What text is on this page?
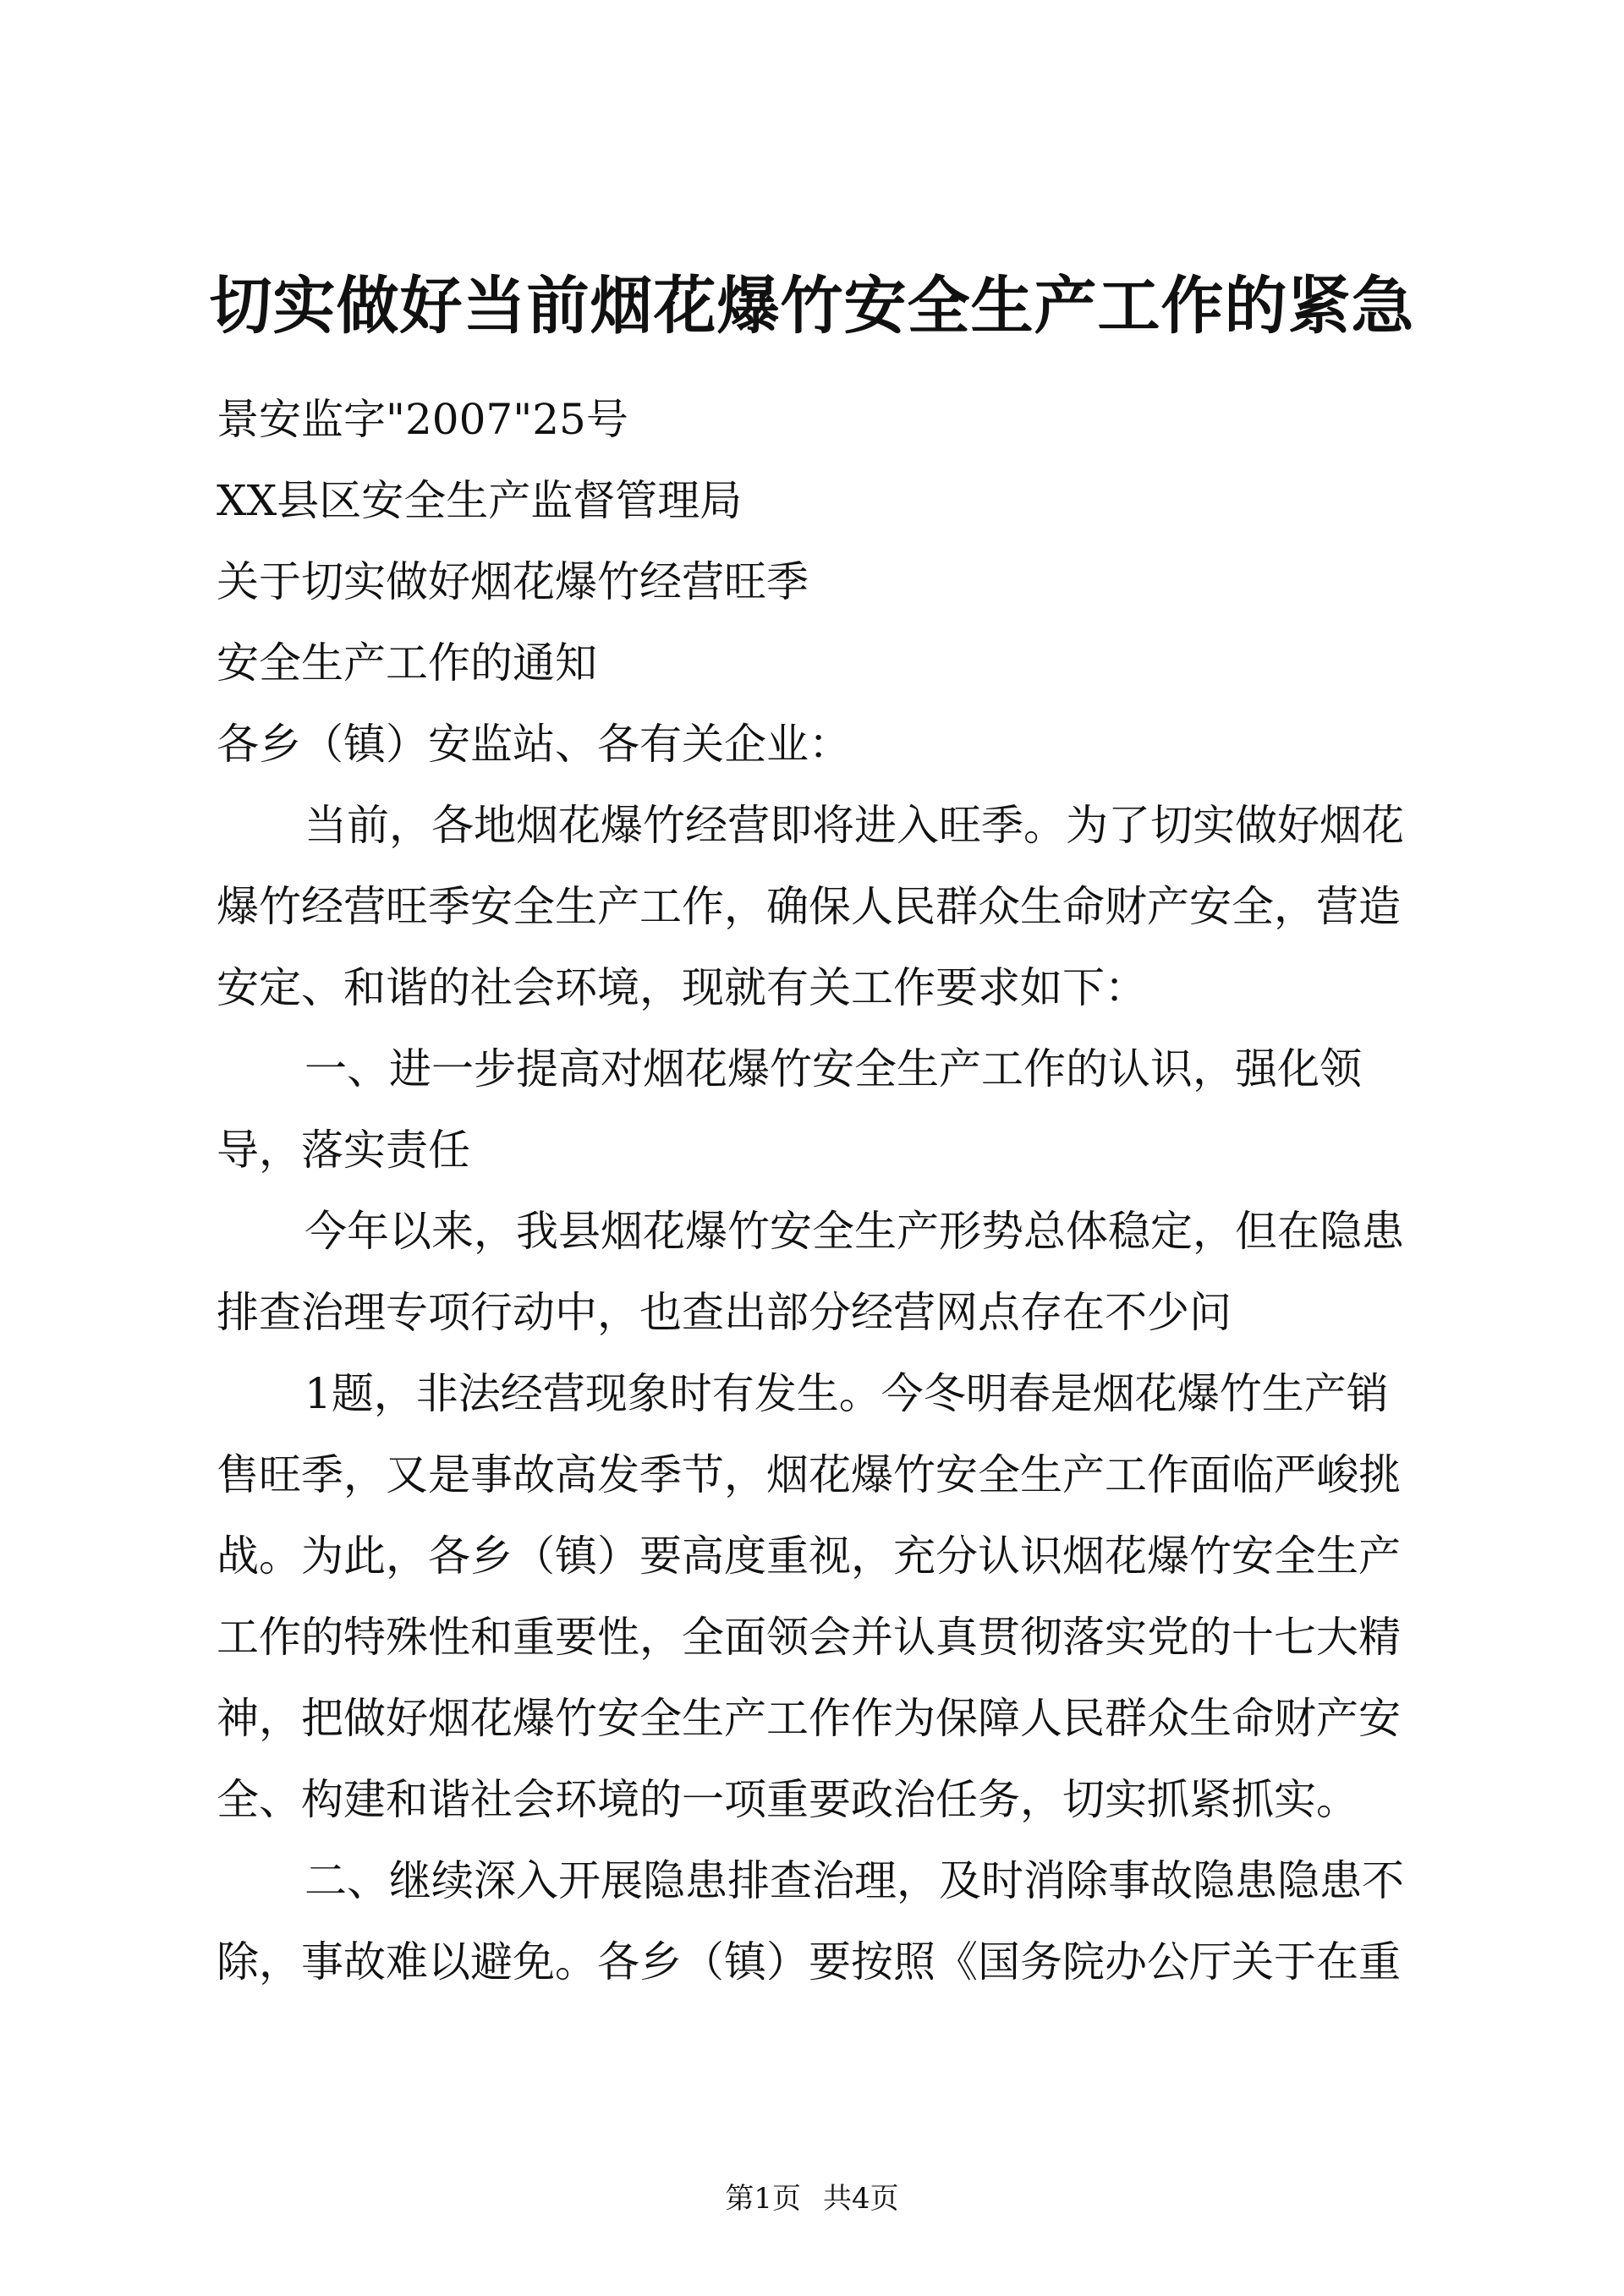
切实做好当前烟花爆竹安全生产工作的紧急

景安监字"2007"25号

XX县区安全生产监督管理局

关于切实做好烟花爆竹经营旺季

安全生产工作的通知

各乡（镇）安监站、各有关企业：

当前，各地烟花爆竹经营即将进入旺季。为了切实做好烟花爆竹经营旺季安全生产工作，确保人民群众生命财产安全，营造安定、和谐的社会环境，现就有关工作要求如下：

一、进一步提高对烟花爆竹安全生产工作的认识，强化领导，落实责任

今年以来，我县烟花爆竹安全生产形势总体稳定，但在隐患排查治理专项行动中，也查出部分经营网点存在不少问

1题，非法经营现象时有发生。今冬明春是烟花爆竹生产销售旺季，又是事故高发季节，烟花爆竹安全生产工作面临严峻挑战。为此，各乡（镇）要高度重视，充分认识烟花爆竹安全生产工作的特殊性和重要性，全面领会并认真贯彻落实党的十七大精神，把做好烟花爆竹安全生产工作作为保障人民群众生命财产安全、构建和谐社会环境的一项重要政治任务，切实抓紧抓实。

二、继续深入开展隐患排查治理，及时消除事故隐患隐患不除，事故难以避免。各乡（镇）要按照《国务院办公厅关于在重

第1页 共4页
